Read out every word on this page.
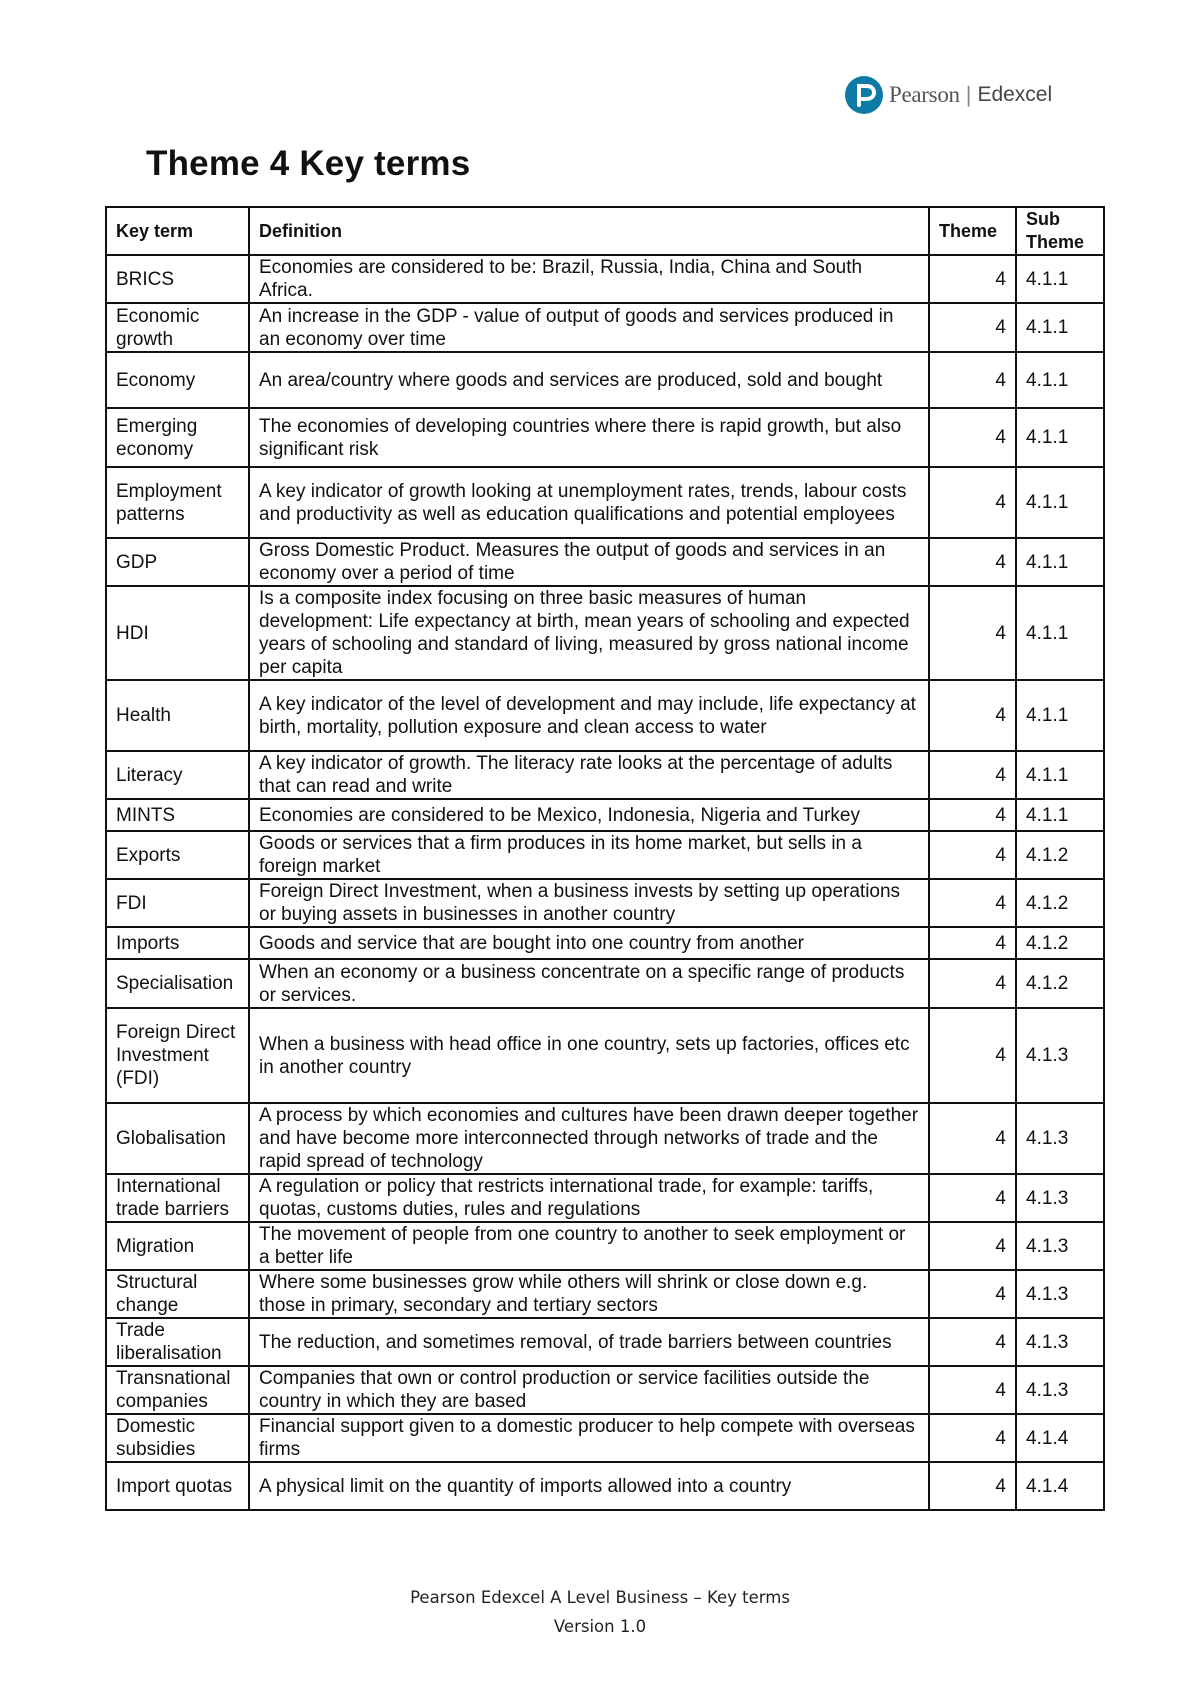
Pearson | Edexcel
Theme 4 Key terms
Key term	Definition	Theme	Sub Theme
BRICS	Economies are considered to be: Brazil, Russia, India, China and South Africa.	4	4.1.1
Economic growth	An increase in the GDP - value of output of goods and services produced in an economy over time	4	4.1.1
Economy	An area/country where goods and services are produced, sold and bought	4	4.1.1
Emerging economy	The economies of developing countries where there is rapid growth, but also significant risk	4	4.1.1
Employment patterns	A key indicator of growth looking at unemployment rates, trends, labour costs and productivity as well as education qualifications and potential employees	4	4.1.1
GDP	Gross Domestic Product. Measures the output of goods and services in an economy over a period of time	4	4.1.1
HDI	Is a composite index focusing on three basic measures of human development: Life expectancy at birth, mean years of schooling and expected years of schooling and standard of living, measured by gross national income per capita	4	4.1.1
Health	A key indicator of the level of development and may include, life expectancy at birth, mortality, pollution exposure and clean access to water	4	4.1.1
Literacy	A key indicator of growth. The literacy rate looks at the percentage of adults that can read and write	4	4.1.1
MINTS	Economies are considered to be Mexico, Indonesia, Nigeria and Turkey	4	4.1.1
Exports	Goods or services that a firm produces in its home market, but sells in a foreign market	4	4.1.2
FDI	Foreign Direct Investment, when a business invests by setting up operations or buying assets in businesses in another country	4	4.1.2
Imports	Goods and service that are bought into one country from another	4	4.1.2
Specialisation	When an economy or a business concentrate on a specific range of products or services.	4	4.1.2
Foreign Direct Investment (FDI)	When a business with head office in one country, sets up factories, offices etc in another country	4	4.1.3
Globalisation	A process by which economies and cultures have been drawn deeper together and have become more interconnected through networks of trade and the rapid spread of technology	4	4.1.3
International trade barriers	A regulation or policy that restricts international trade, for example: tariffs, quotas, customs duties, rules and regulations	4	4.1.3
Migration	The movement of people from one country to another to seek employment or a better life	4	4.1.3
Structural change	Where some businesses grow while others will shrink or close down e.g. those in primary, secondary and tertiary sectors	4	4.1.3
Trade liberalisation	The reduction, and sometimes removal, of trade barriers between countries	4	4.1.3
Transnational companies	Companies that own or control production or service facilities outside the country in which they are based	4	4.1.3
Domestic subsidies	Financial support given to a domestic producer to help compete with overseas firms	4	4.1.4
Import quotas	A physical limit on the quantity of imports allowed into a country	4	4.1.4
Pearson Edexcel A Level Business – Key terms
Version 1.0
